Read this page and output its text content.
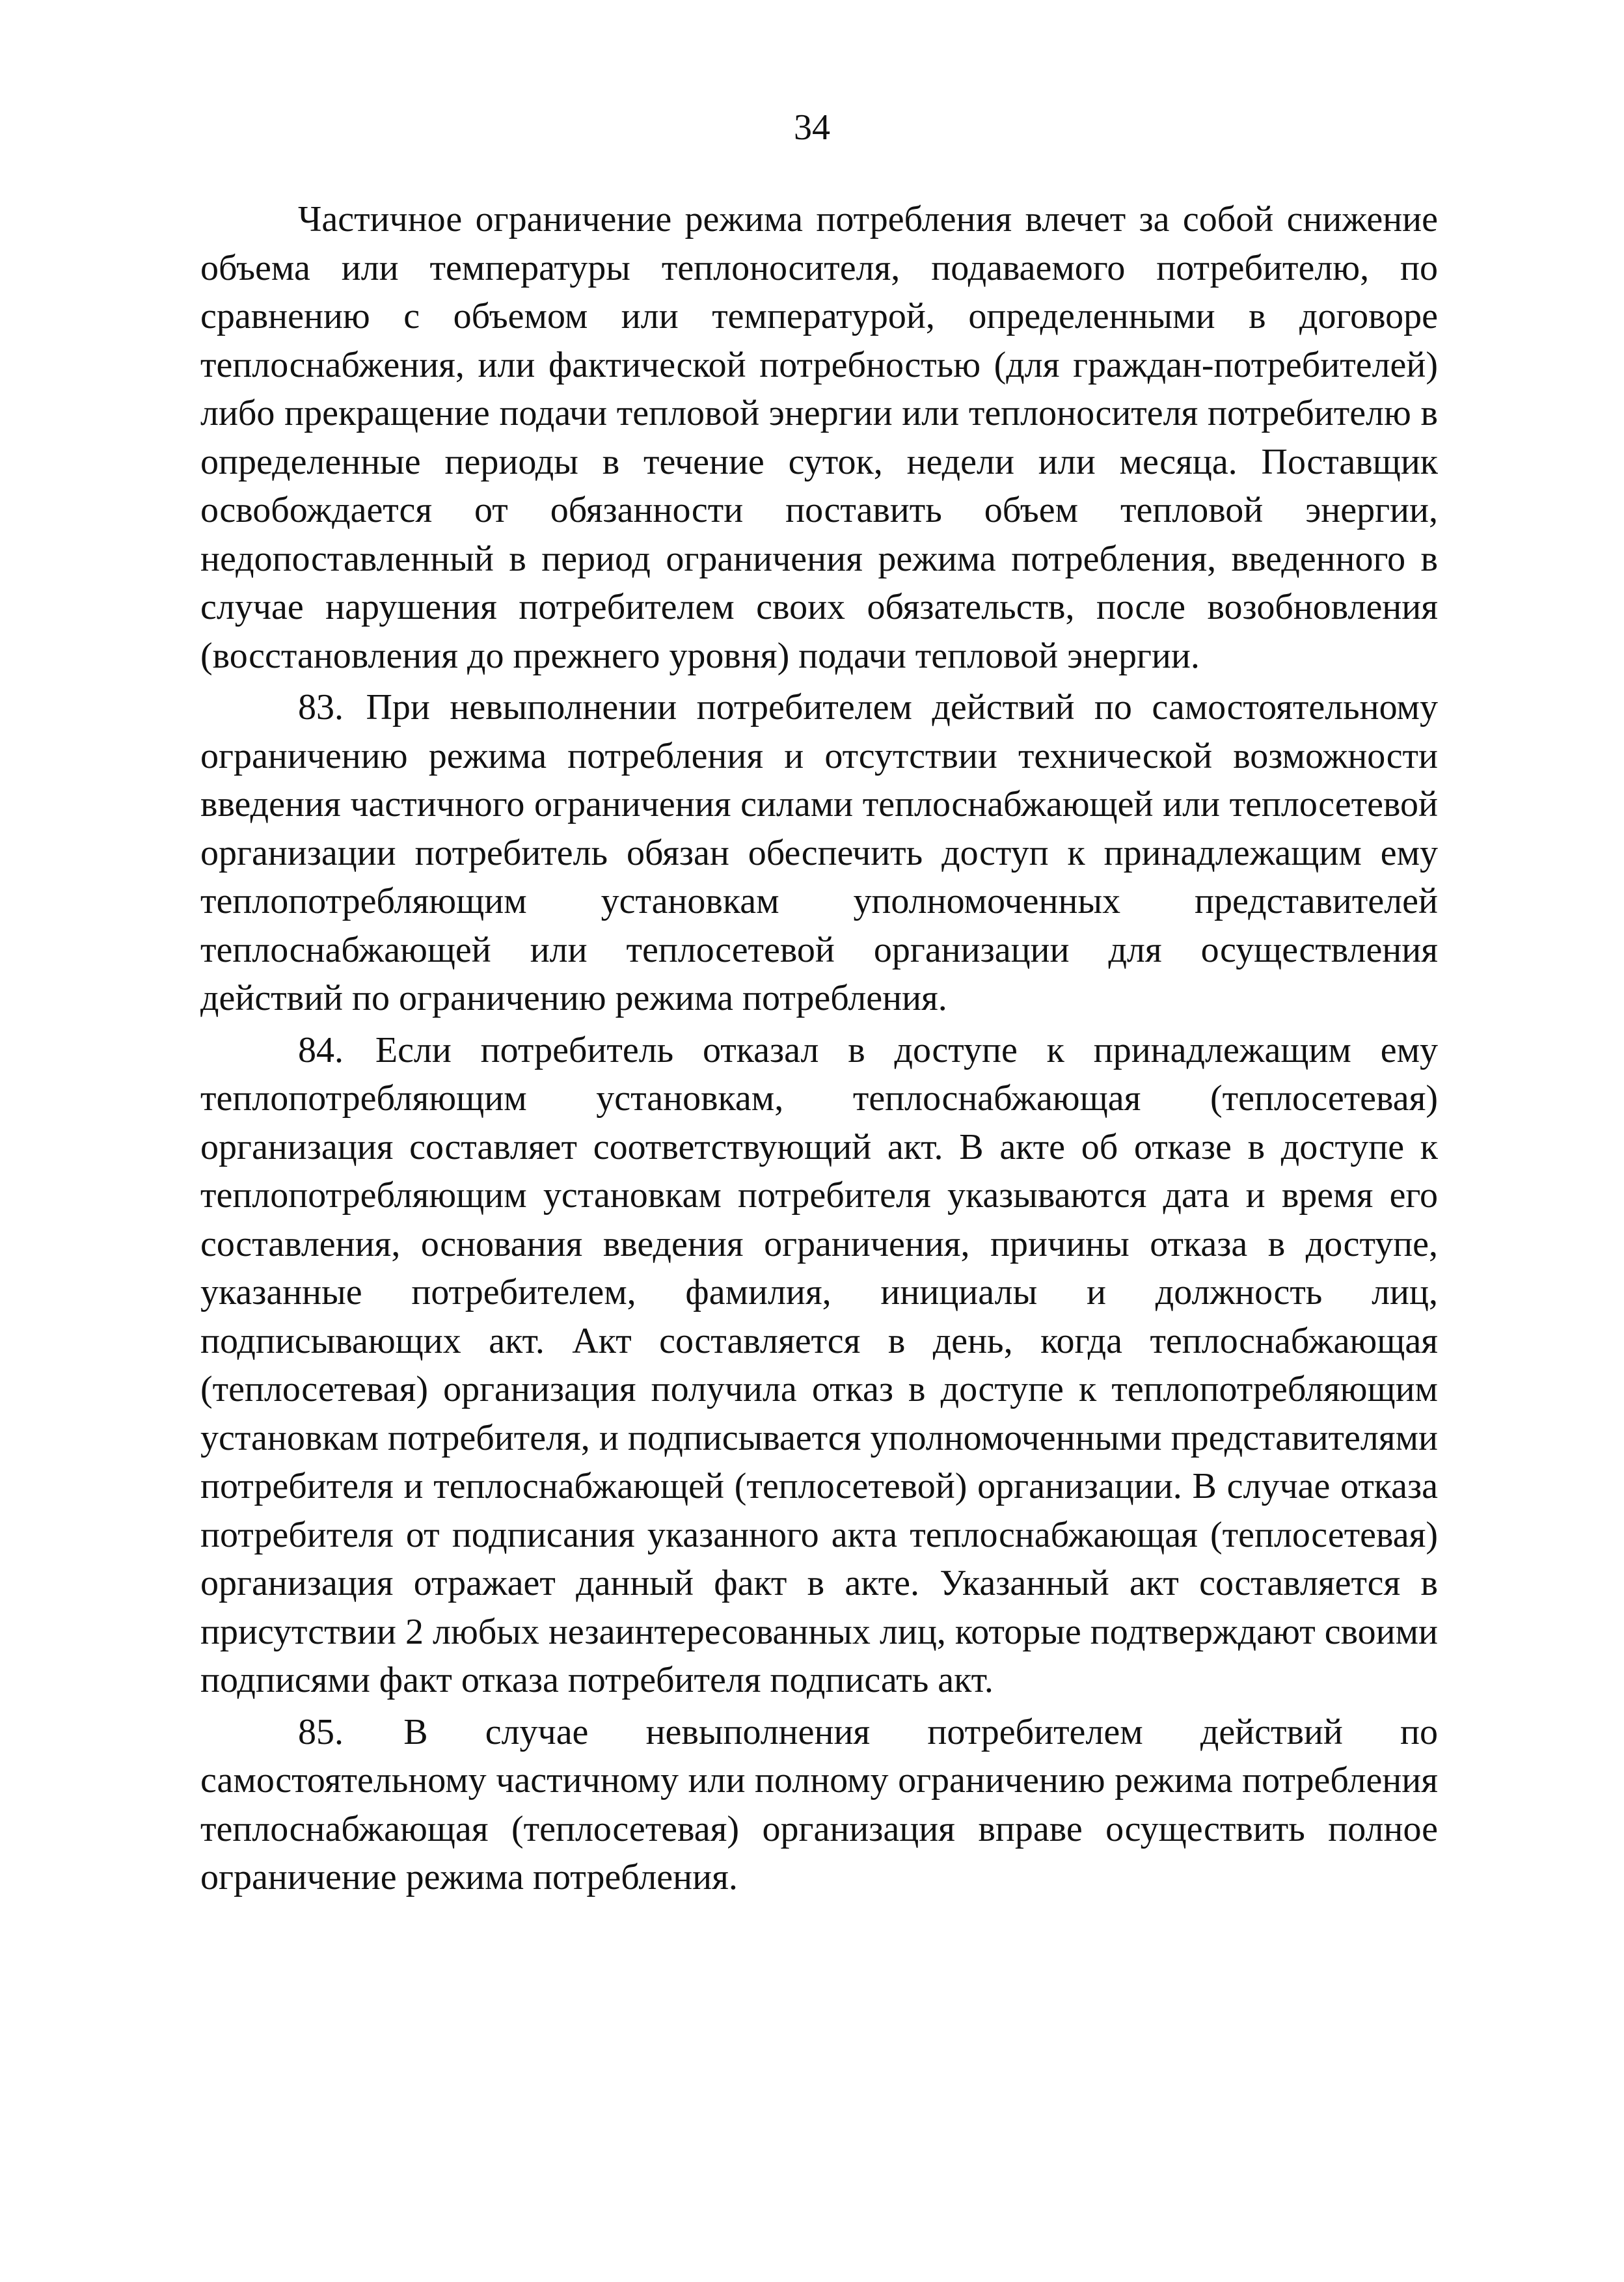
34

Частичное ограничение режима потребления влечет за собой снижение объема или температуры теплоносителя, подаваемого потребителю, по сравнению с объемом или температурой, определенными в договоре теплоснабжения, или фактической потребностью (для граждан-потребителей) либо прекращение подачи тепловой энергии или теплоносителя потребителю в определенные периоды в течение суток, недели или месяца. Поставщик освобождается от обязанности поставить объем тепловой энергии, недопоставленный в период ограничения режима потребления, введенного в случае нарушения потребителем своих обязательств, после возобновления (восстановления до прежнего уровня) подачи тепловой энергии.

83. При невыполнении потребителем действий по самостоятельному ограничению режима потребления и отсутствии технической возможности введения частичного ограничения силами теплоснабжающей или теплосетевой организации потребитель обязан обеспечить доступ к принадлежащим ему теплопотребляющим установкам уполномоченных представителей теплоснабжающей или теплосетевой организации для осуществления действий по ограничению режима потребления.

84. Если потребитель отказал в доступе к принадлежащим ему теплопотребляющим установкам, теплоснабжающая (теплосетевая) организация составляет соответствующий акт. В акте об отказе в доступе к теплопотребляющим установкам потребителя указываются дата и время его составления, основания введения ограничения, причины отказа в доступе, указанные потребителем, фамилия, инициалы и должность лиц, подписывающих акт. Акт составляется в день, когда теплоснабжающая (теплосетевая) организация получила отказ в доступе к теплопотребляющим установкам потребителя, и подписывается уполномоченными представителями потребителя и теплоснабжающей (теплосетевой) организации. В случае отказа потребителя от подписания указанного акта теплоснабжающая (теплосетевая) организация отражает данный факт в акте. Указанный акт составляется в присутствии 2 любых незаинтересованных лиц, которые подтверждают своими подписями факт отказа потребителя подписать акт.

85. В случае невыполнения потребителем действий по самостоятельному частичному или полному ограничению режима потребления теплоснабжающая (теплосетевая) организация вправе осуществить полное ограничение режима потребления.
